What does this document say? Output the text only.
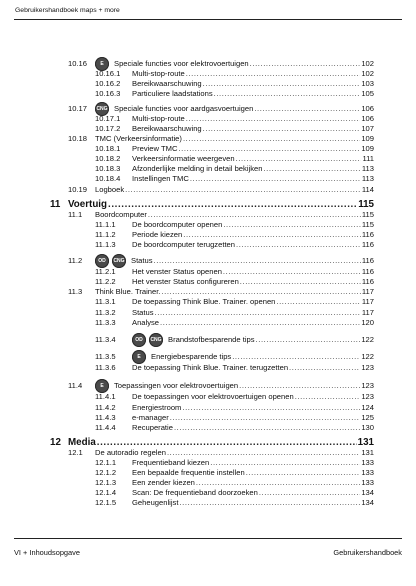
Gebruikershandboek maps + more
10.16	E	Speciale functies voor elektrovoertuigen .....	102
10.16.1 Multi-stop-route .....	102
10.16.2 Bereikwaarschuwing .....	103
10.16.3 Particuliere laadstations .....	105
10.17 CNG Speciale functies voor aardgasvoertuigen .....	106
10.17.1 Multi-stop-route .....	106
10.17.2 Bereikwaarschuwing .....	107
10.18 TMC (Verkeersinformatie) .....	109
10.18.1 Preview TMC .....	109
10.18.2 Verkeersinformatie weergeven .....	111
10.18.3 Afzonderlijke melding in detail bekijken .....	113
10.18.4 Instellingen TMC .....	113
10.19 Logboek .....	114
11 Voertuig .....	115
11.1 Boordcomputer .....	115
11.1.1 De boordcomputer openen .....	115
11.1.2 Periode kiezen .....	116
11.1.3 De boordcomputer terugzetten .....	116
11.2	OD	CNG Status .....	116
11.2.1 Het venster Status openen .....	116
11.2.2 Het venster Status configureren .....	116
11.3 Think Blue. Trainer. .....	117
11.3.1 De toepassing Think Blue. Trainer. openen .....	117
11.3.2 Status .....	117
11.3.3 Analyse .....	120
11.3.4	OD	CNG Brandstofbesparende tips .....	122
11.3.5	E	Energiebesparende tips .....	122
11.3.6 De toepassing Think Blue. Trainer. terugzetten .....	123
11.4	E	Toepassingen voor elektrovoertuigen .....	123
11.4.1 De toepassingen voor elektrovoertuigen openen .....	123
11.4.2 Energiestroom .....	124
11.4.3 e-manager .....	125
11.4.4 Recuperatie .....	130
12 Media .....	131
12.1 De autoradio regelen .....	131
12.1.1 Frequentieband kiezen .....	133
12.1.2 Een bepaalde frequentie instellen .....	133
12.1.3 Een zender kiezen .....	133
12.1.4 Scan: De frequentieband doorzoeken .....	134
12.1.5 Geheugenlijst .....	134
VI + Inhoudsopgave	Gebruikershandboek
